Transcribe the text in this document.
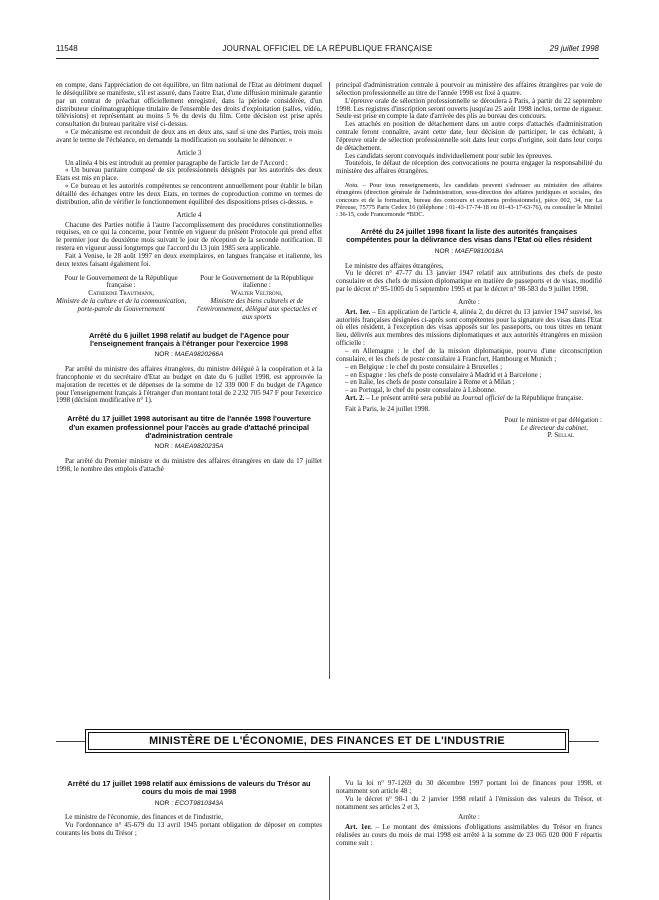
11548	JOURNAL OFFICIEL DE LA RÉPUBLIQUE FRANÇAISE	29 juillet 1998

en compte, dans l'appréciation de cet équilibre, un film national de l'Etat au détriment duquel le déséquilibre se manifeste, s'il est assuré, dans l'autre Etat, d'une diffusion minimale garantie par un contrat de préachat officiellement enregistré, dans la période considérée, d'un distributeur cinématographique titulaire de l'ensemble des droits d'exploitation (salles, vidéo, télévisions) et représentant au moins 5 % du devis du film. Cette décision est prise après consultation du bureau paritaire visé ci-dessus.

« Ce mécanisme est reconduit de deux ans en deux ans, sauf si une des Parties, trois mois avant le terme de l'échéance, en demande la modification ou souhaite le dénoncer. »

Article 3

Un alinéa 4 bis est introduit au premier paragraphe de l'article 1er de l'Accord :

« Un bureau paritaire composé de six professionnels désignés par les autorités des deux Etats est mis en place.

« Ce bureau et les autorités compétentes se rencontrent annuellement pour établir le bilan détaillé des échanges entre les deux Etats, en termes de coproduction comme en termes de distribution, afin de vérifier le fonctionnement équilibré des dispositions prises ci-dessus. »

Article 4

Chacune des Parties notifie à l'autre l'accomplissement des procédures constitutionnelles requises, en ce qui la concerne, pour l'entrée en vigueur du présent Protocole qui prend effet le premier jour du deuxième mois suivant le jour de réception de la seconde notification. Il restera en vigueur aussi longtemps que l'accord du 13 juin 1985 sera applicable.

Fait à Venise, le 28 août 1997 en deux exemplaires, en langues française et italienne, les deux textes faisant également foi.

Pour le Gouvernement de la République française :
Catherine Trautmann,
Ministre de la culture et de la communication, porte-parole du Gouvernement
Pour le Gouvernement de la République italienne :
Walter Veltroni,
Ministre des biens culturels et de l'environnement, délégué aux spectacles et aux sports
Arrêté du 6 juillet 1998 relatif au budget de l'Agence pour l'enseignement français à l'étranger pour l'exercice 1998
NOR : MAEA9820266A

Par arrêté du ministre des affaires étrangères, du ministre délégué à la coopération et à la francophonie et du secrétaire d'Etat au budget en date du 6 juillet 1998, est approuvée la majoration de recettes et de dépenses de la somme de 12 339 000 F du budget de l'Agence pour l'enseignement français à l'étranger d'un montant total de 2 232 705 947 F pour l'exercice 1998 (décision modificative n° 1).

Arrêté du 17 juillet 1998 autorisant au titre de l'année 1998 l'ouverture d'un examen professionnel pour l'accès au grade d'attaché principal d'administration centrale
NOR : MAEA9820235A

Par arrêté du Premier ministre et du ministre des affaires étrangères en date du 17 juillet 1998, le nombre des emplois d'attaché

principal d'administration centrale à pourvoir au ministère des affaires étrangères par voie de sélection professionnelle au titre de l'année 1998 est fixé à quatre.

L'épreuve orale de sélection professionnelle se déroulera à Paris, à partir du 22 septembre 1998. Les registres d'inscription seront ouverts jusqu'au 25 août 1998 inclus, terme de rigueur. Seule est prise en compte la date d'arrivée des plis au bureau des concours.

Les attachés en position de détachement dans un autre corps d'attachés d'administration centrale feront connaître, avant cette date, leur décision de participer, le cas échéant, à l'épreuve orale de sélection professionnelle soit dans leur corps d'origine, soit dans leur corps de détachement.

Les candidats seront convoqués individuellement pour subir les épreuves.

Toutefois, le défaut de réception des convocations ne pourra engager la responsabilité du ministère des affaires étrangères.

Nota. – Pour tous renseignements, les candidats peuvent s'adresser au ministère des affaires étrangères (direction générale de l'administration, sous-direction des affaires juridiques et sociales, des concours et de la formation, bureau des concours et examens professionnels), pièce 002, 34, rue La Pérouse, 75775 Paris Cedex 16 (téléphone : 01-43-17-74-18 ou 01-43-17-63-76), ou consulter le Minitel : 36-15, code Francemonde *BDC.

Arrêté du 24 juillet 1998 fixant la liste des autorités françaises compétentes pour la délivrance des visas dans l'Etat où elles résident
NOR : MAEF9810018A

Le ministre des affaires étrangères,

Vu le décret n° 47-77 du 13 janvier 1947 relatif aux attributions des chefs de poste consulaire et des chefs de mission diplomatique en matière de passeports et de visas, modifié par le décret n° 95-1005 du 5 septembre 1995 et par le décret n° 98-583 du 9 juillet 1998,

Arrête :

Art. 1er. – En application de l'article 4, alinéa 2, du décret du 13 janvier 1947 susvisé, les autorités françaises désignées ci-après sont compétentes pour la signature des visas dans l'Etat où elles résident, à l'exception des visas apposés sur les passeports, ou tous titres en tenant lieu, délivrés aux membres des missions diplomatiques et aux autorités étrangères en mission officielle :

– en Allemagne : le chef de la mission diplomatique, pourvu d'une circonscription consulaire, et les chefs de poste consulaire à Francfort, Hambourg et Munich ;

– en Belgique : le chef du poste consulaire à Bruxelles ;

– en Espagne : les chefs de poste consulaire à Madrid et à Barcelone ;

– en Italie, les chefs de poste consulaire à Rome et à Milan ;

– au Portugal, le chef du poste consulaire à Lisbonne.

Art. 2. – Le présent arrêté sera publié au Journal officiel de la République française.

Fait à Paris, le 24 juillet 1998.

Pour le ministre et par délégation :

Le directeur du cabinet,

P. Sellal

MINISTÈRE DE L'ÉCONOMIE, DES FINANCES ET DE L'INDUSTRIE
Arrêté du 17 juillet 1998 relatif aux émissions de valeurs du Trésor au cours du mois de mai 1998
NOR : ECOT9810343A

Le ministre de l'économie, des finances et de l'industrie,

Vu l'ordonnance n° 45-679 du 13 avril 1945 portant obligation de déposer en comptes courants les bons du Trésor ;

Vu la loi n° 97-1269 du 30 décembre 1997 portant loi de finances pour 1998, et notamment son article 48 ;

Vu le décret n° 98-1 du 2 janvier 1998 relatif à l'émission des valeurs du Trésor, et notamment ses articles 2 et 3,

Arrête :

Art. 1er. – Le montant des émissions d'obligations assimilables du Trésor en francs réalisées au cours du mois de mai 1998 est arrêté à la somme de 23 065 020 000 F répartis comme suit :
